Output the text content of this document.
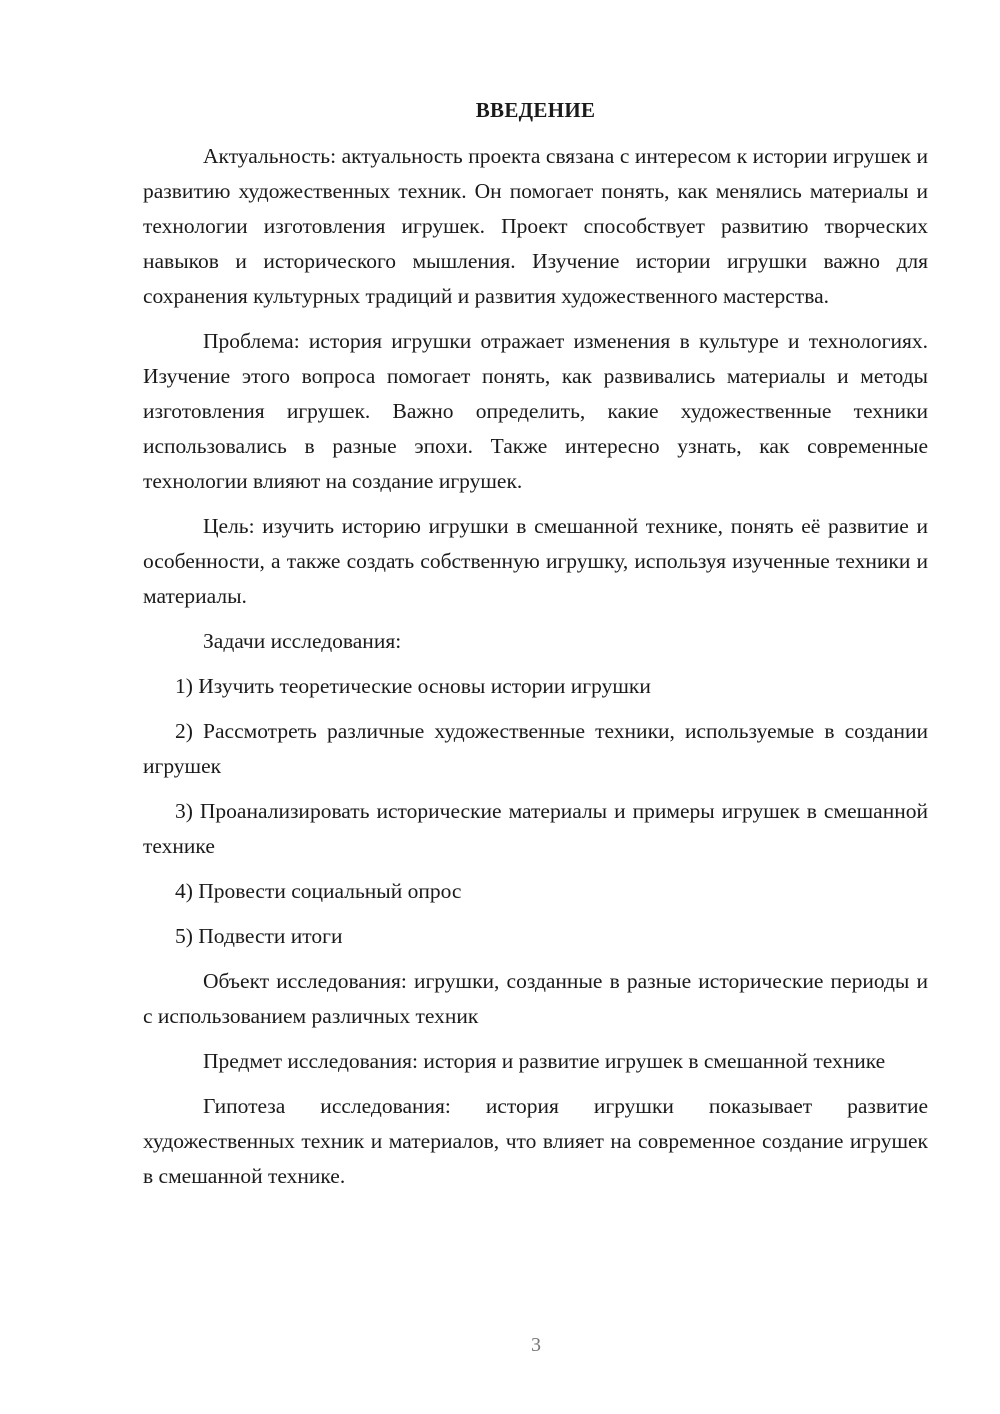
ВВЕДЕНИЕ

Актуальность: актуальность проекта связана с интересом к истории игрушек и развитию художественных техник. Он помогает понять, как менялись материалы и технологии изготовления игрушек. Проект способствует развитию творческих навыков и исторического мышления. Изучение истории игрушки важно для сохранения культурных традиций и развития художественного мастерства.

Проблема: история игрушки отражает изменения в культуре и технологиях. Изучение этого вопроса помогает понять, как развивались материалы и методы изготовления игрушек. Важно определить, какие художественные техники использовались в разные эпохи. Также интересно узнать, как современные технологии влияют на создание игрушек.

Цель: изучить историю игрушки в смешанной технике, понять её развитие и особенности, а также создать собственную игрушку, используя изученные техники и материалы.

Задачи исследования:

1) Изучить теоретические основы истории игрушки

2) Рассмотреть различные художественные техники, используемые в создании игрушек

3) Проанализировать исторические материалы и примеры игрушек в смешанной технике

4) Провести социальный опрос

5) Подвести итоги

Объект исследования: игрушки, созданные в разные исторические периоды и с использованием различных техник

Предмет исследования: история и развитие игрушек в смешанной технике

Гипотеза исследования: история игрушки показывает развитие художественных техник и материалов, что влияет на современное создание игрушек в смешанной технике.

3
